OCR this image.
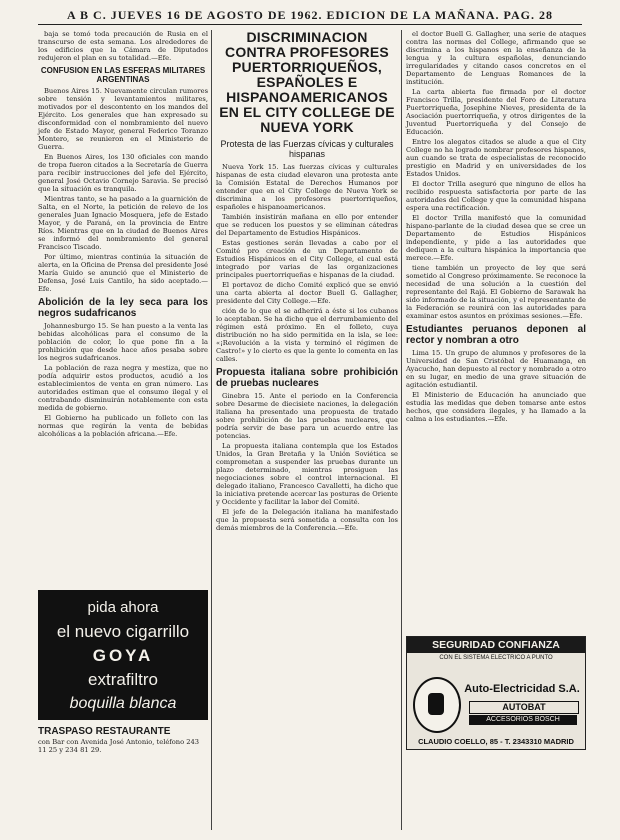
A B C. JUEVES 16 DE AGOSTO DE 1962. EDICION DE LA MAÑANA. PAG. 28

baja se tomó toda precaución de Rusia en el transcurso de esta semana. Los alrededores de los edificios que la Cámara de Diputados redujeron el plan en su totalidad.—Efe.

CONFUSION EN LAS ESFERAS MILITARES ARGENTINAS

Buenos Aires 15. Nuevamente circulan rumores sobre tensión y levantamientos militares, motivados por el descontento en los mandos del Ejército. Los generales que han expresado su disconformidad con el nombramiento del nuevo jefe de Estado Mayor, general Federico Toranzo Montero, se reunieron en el Ministerio de Guerra.

En Buenos Aires, los 130 oficiales con mando de tropa fueron citados a la Secretaría de Guerra para recibir instrucciones del jefe del Ejército, general José Octavio Cornejo Saravia. Se precisó que la situación es tranquila.

Mientras tanto, se ha pasado a la guarnición de Salta, en el Norte, la petición de relevo de los generales Juan Ignacio Mosquera, jefe de Estado Mayor, y de Paraná, en la provincia de Entre Ríos. Mientras que en la ciudad de Buenos Aires se informó del nombramiento del general Francisco Tiscado.

Por último, mientras continúa la situación de alerta, en la Oficina de Prensa del presidente José María Guido se anunció que el Ministerio de Defensa, José Luis Cantilo, ha sido aceptado.—Efe.

Abolición de la ley seca para los negros sudafricanos

Johannesburgo 15. Se han puesto a la venta las bebidas alcohólicas para el consumo de la población de color, lo que pone fin a la prohibición que desde hace años pesaba sobre los negros sudafricanos.

La población de raza negra y mestiza, que no podía adquirir estos productos, acudió a los establecimientos de venta en gran número. Las autoridades estiman que el consumo ilegal y el contrabando disminuirán notablemente con esta medida de gobierno.

El Gobierno ha publicado un folleto con las normas que regirán la venta de bebidas alcohólicas a la población africana.—Efe.

pida ahora
el nuevo cigarrillo
GOYA
extrafiltro
boquilla blanca
TRASPASO RESTAURANTE
con Bar con Avenida José Antonio, teléfono 243 11 25 y 234 81 29.
DISCRIMINACION CONTRA PROFESORES PUERTORRIQUEÑOS, ESPAÑOLES E HISPANOAMERICANOS EN EL CITY COLLEGE DE NUEVA YORK
Protesta de las Fuerzas cívicas y culturales hispanas

Nueva York 15. Las fuerzas cívicas y culturales hispanas de esta ciudad elevaron una protesta ante la Comisión Estatal de Derechos Humanos por entender que en el City College de Nueva York se discrimina a los profesores puertorriqueños, españoles e hispanoamericanos.

También insistirán mañana en ello por entender que se reducen los puestos y se eliminan cátedras del Departamento de Estudios Hispánicos.

Estas gestiones serán llevadas a cabo por el Comité pro creación de un Departamento de Estudios Hispánicos en el City College, el cual está integrado por varias de las organizaciones principales puertorriqueñas e hispanas de la ciudad.

El portavoz de dicho Comité explicó que se envió una carta abierta al doctor Buell G. Gallagher, presidente del City College.—Efe.

ción de lo que el se adherirá a éste si los cubanos lo aceptaban. Se ha dicho que el derrumbamiento del régimen está próximo. En el folleto, cuya distribución no ha sido permitida en la isla, se lee: «¡Revolución a la vista y terminó el régimen de Castro!» y lo cierto es que la gente lo comenta en las calles.

Propuesta italiana sobre prohibición de pruebas nucleares

Ginebra 15. Ante el periodo en la Conferencia sobre Desarme de diecisiete naciones, la delegación italiana ha presentado una propuesta de tratado sobre prohibición de las pruebas nucleares, que podría servir de base para un acuerdo entre las potencias.

La propuesta italiana contempla que los Estados Unidos, la Gran Bretaña y la Unión Soviética se comprometan a suspender las pruebas durante un plazo determinado, mientras prosiguen las negociaciones sobre el control internacional. El delegado italiano, Francesco Cavalletti, ha dicho que la iniciativa pretende acercar las posturas de Oriente y Occidente y facilitar la labor del Comité.

El jefe de la Delegación italiana ha manifestado que la propuesta será sometida a consulta con los demás miembros de la Conferencia.—Efe.

el doctor Buell G. Gallagher, una serie de ataques contra las normas del College, afirmando que se discrimina a los hispanos en la enseñanza de la lengua y la cultura españolas, denunciando irregularidades y citando casos concretos en el Departamento de Lenguas Romances de la institución.

La carta abierta fue firmada por el doctor Francisco Trilla, presidente del Foro de Literatura Puertorriqueña, Josephine Nieves, presidenta de la Asociación puertorriqueña, y otros dirigentes de la Juventud Puertorriqueña y del Consejo de Educación.

Entre los alegatos citados se alude a que el City College no ha logrado nombrar profesores hispanos, aun cuando se trata de especialistas de reconocido prestigio en Madrid y en universidades de los Estados Unidos.

El doctor Trilla aseguró que ninguno de ellos ha recibido respuesta satisfactoria por parte de las autoridades del College y que la comunidad hispana espera una rectificación.

El doctor Trilla manifestó que la comunidad hispano-parlante de la ciudad desea que se cree un Departamento de Estudios Hispánicos independiente, y pide a las autoridades que dediquen a la cultura hispánica la importancia que merece.—Efe.

tiene también un proyecto de ley que será sometido al Congreso próximamente. Se reconoce la necesidad de una solución a la cuestión del representante del Rajá. El Gobierno de Sarawak ha sido informado de la situación, y el representante de la Federación se reunirá con las autoridades para examinar estos asuntos en próximas sesiones.—Efe.

Estudiantes peruanos deponen al rector y nombran a otro

Lima 15. Un grupo de alumnos y profesores de la Universidad de San Cristóbal de Huamanga, en Ayacucho, han depuesto al rector y nombrado a otro en su lugar, en medio de una grave situación de agitación estudiantil.

El Ministerio de Educación ha anunciado que estudia las medidas que deben tomarse ante estos hechos, que considera ilegales, y ha llamado a la calma a los estudiantes.—Efe.

SEGURIDAD CONFIANZA
CON EL SISTEMA ELECTRICO A PUNTO
Auto-Electricidad S.A.
AUTOBAT
ACCESORIOS BOSCH
CLAUDIO COELLO, 85 - T. 2343310 MADRID
